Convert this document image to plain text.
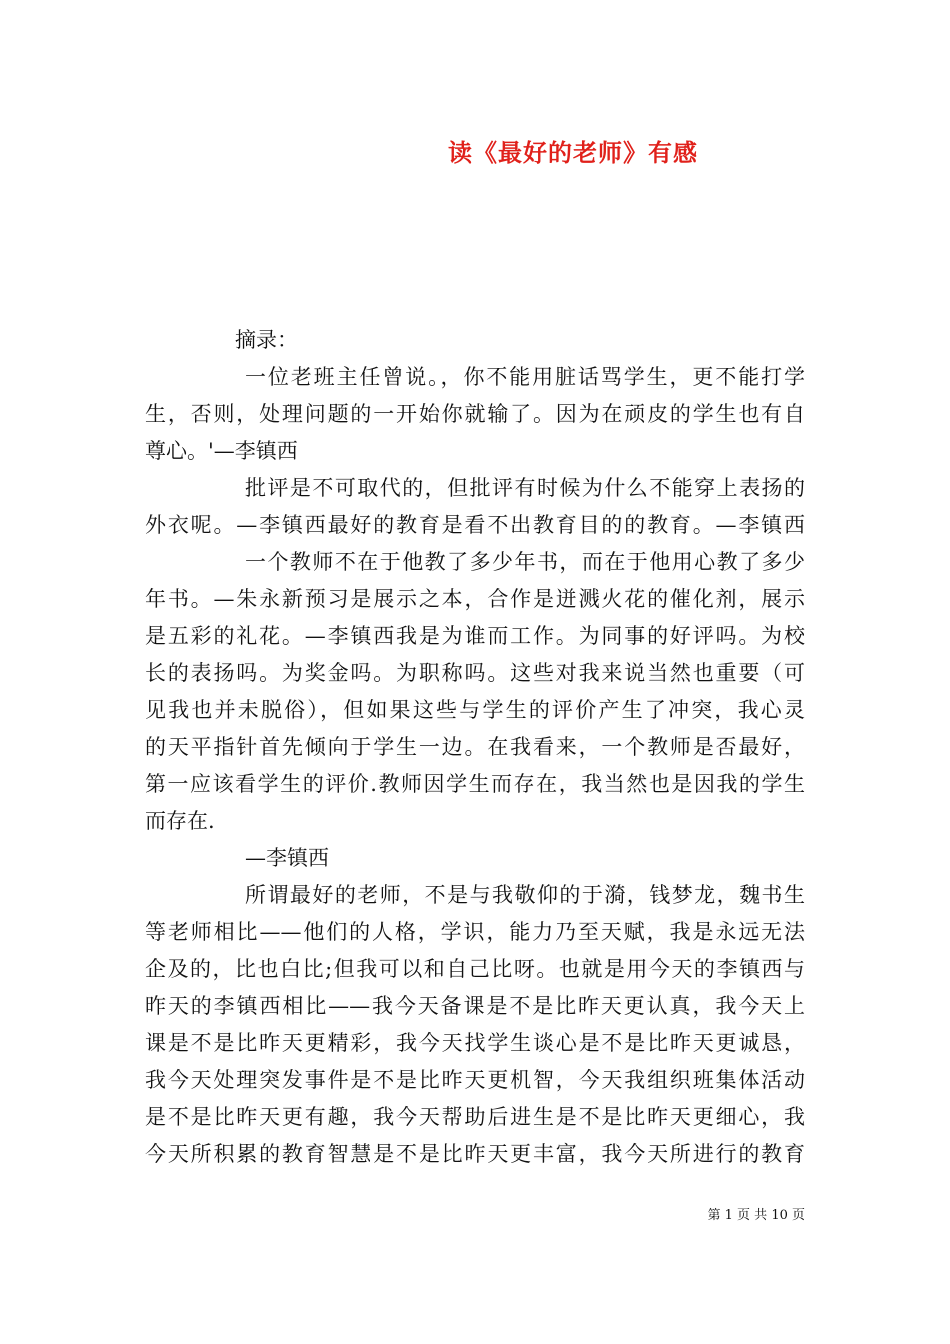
读《最好的老师》有感
摘录：
一位老班主任曾说。，你不能用脏话骂学生，更不能打学
生，否则，处理问题的一开始你就输了。因为在顽皮的学生也有自
尊心。'—李镇西
批评是不可取代的，但批评有时候为什么不能穿上表扬的
外衣呢。—李镇西最好的教育是看不出教育目的的教育。—李镇西
一个教师不在于他教了多少年书，而在于他用心教了多少
年书。—朱永新预习是展示之本，合作是迸溅火花的催化剂，展示
是五彩的礼花。—李镇西我是为谁而工作。为同事的好评吗。为校
长的表扬吗。为奖金吗。为职称吗。这些对我来说当然也重要（可
见我也并未脱俗），但如果这些与学生的评价产生了冲突，我心灵
的天平指针首先倾向于学生一边。在我看来，一个教师是否最好，
第一应该看学生的评价.教师因学生而存在，我当然也是因我的学生
而存在.
—李镇西
所谓最好的老师，不是与我敬仰的于漪，钱梦龙，魏书生
等老师相比——他们的人格，学识，能力乃至天赋，我是永远无法
企及的，比也白比;但我可以和自己比呀。也就是用今天的李镇西与
昨天的李镇西相比——我今天备课是不是比昨天更认真，我今天上
课是不是比昨天更精彩，我今天找学生谈心是不是比昨天更诚恳，
我今天处理突发事件是不是比昨天更机智，今天我组织班集体活动
是不是比昨天更有趣，我今天帮助后进生是不是比昨天更细心，我
今天所积累的教育智慧是不是比昨天更丰富，我今天所进行的教育
第 1 页 共 10 页
